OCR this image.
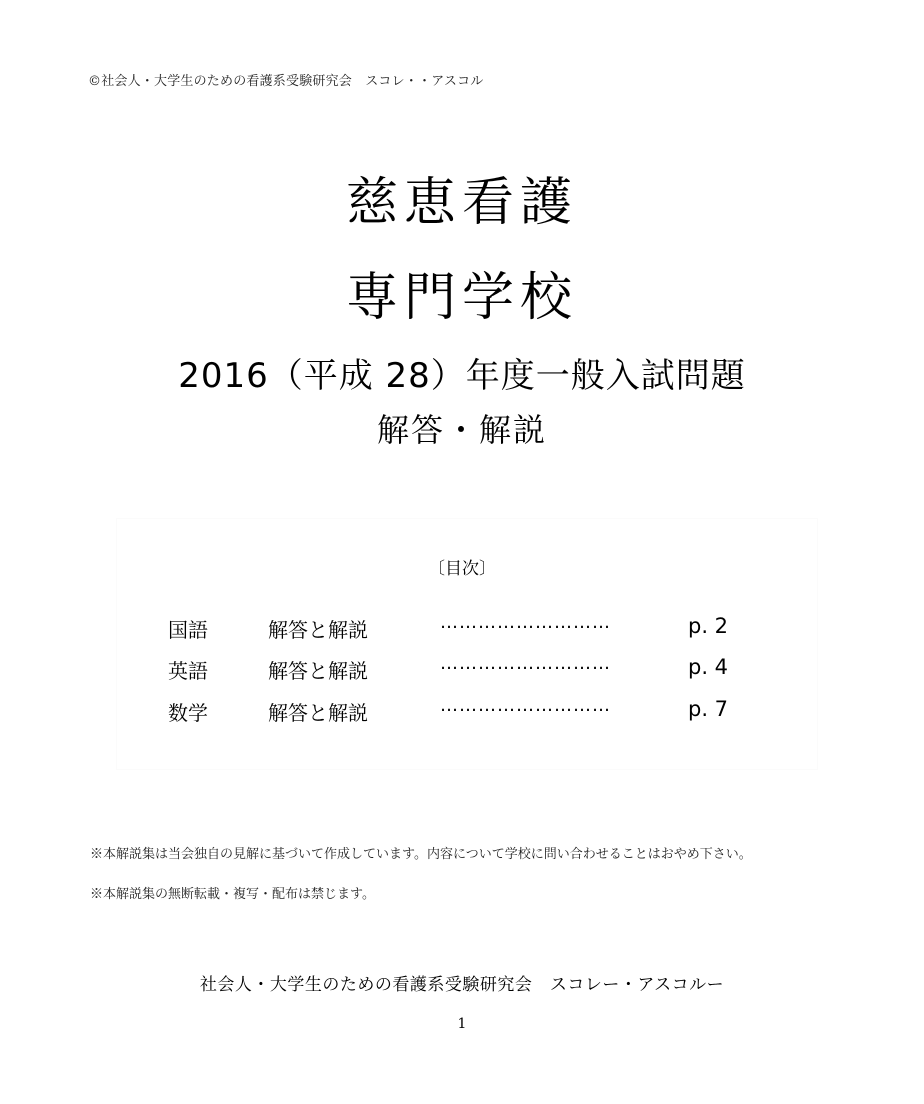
©社会人・大学生のための看護系受験研究会　スコレ・・アスコル
慈恵看護
専門学校
2016（平成 28）年度一般入試問題
解答・解説
〔目次〕
国語	解答と解説	………………………	p. 2
英語	解答と解説	………………………	p. 4
数学	解答と解説	………………………	p. 7
※本解説集は当会独自の見解に基づいて作成しています。内容について学校に問い合わせることはおやめ下さい。
※本解説集の無断転載・複写・配布は禁じます。
社会人・大学生のための看護系受験研究会　スコレー・アスコルー
1
